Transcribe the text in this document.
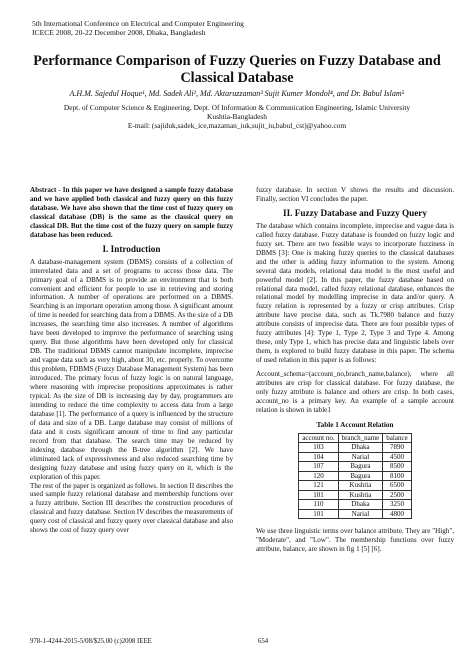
5th International Conference on Electrical and Computer Engineering
ICECE 2008, 20-22 December 2008, Dhaka, Bangladesh
Performance Comparison of Fuzzy Queries on Fuzzy Database and Classical Database
A.H.M. Sajedul Hoque¹, Md. Sadek Ali², Md. Aktaruzzaman³ Sujit Kumer Mondol⁴, and Dr. Babul Islam⁵
Dept. of Computer Science & Engineering, Dept. Of Information & Communication Engineering, Islamic University
Kushtia-Bangladesh
E-mail: (sajiduk,sadek_ice,mazaman_iuk,sujit_iu,babul_cst)@yahoo.com

Abstract - In this paper we have designed a sample fuzzy database and we have applied both classical and fuzzy query on this fuzzy database. We have also shown that the time cost of fuzzy query on classical database (DB) is the same as the classical query on classical DB. But the time cost of the fuzzy query on sample fuzzy database has been reduced.

I. Introduction

A database-management system (DBMS) consists of a collection of interrelated data and a set of programs to access those data. The primary goal of a DBMS is to provide an environment that is both convenient and efficient for people to use in retrieving and storing information. A number of operations are performed on a DBMS. Searching is an important operation among those. A significant amount of time is needed for searching data from a DBMS. As the size of a DB increases, the searching time also increases. A number of algorithms have been developed to improve the performance of searching using query. But those algorithms have been developed only for classical DB. The traditional DBMS cannot manipulate incomplete, imprecise and vague data such as very high, about 30, etc. properly. To overcome this problem, FDBMS (Fuzzy Database Management System) has been introduced. The primary focus of fuzzy logic is on natural language, where reasoning with imprecise propositions approximates is rather typical. As the size of DB is increasing day by day, programmers are intending to reduce the time complexity to access data from a large database [1]. The performance of a query is influenced by the structure of data and size of a DB. Large database may consist of millions of data and it costs significant amount of time to find any particular record from that database. The search time may be reduced by indexing database through the B-tree algorithm [2]. We have eliminated lack of expressiveness and also reduced searching time by designing fuzzy database and using fuzzy query on it, which is the exploration of this paper.

The rest of the paper is organized as follows. In section II describes the used sample fuzzy relational database and membership functions over a fuzzy attribute. Section III describes the construction procedures of classical and fuzzy database. Section IV describes the measurements of query cost of classical and fuzzy query over classical database and also shows the cost of fuzzy query over

fuzzy database. In section V shows the results and discussion. Finally, section VI concludes the paper.

II. Fuzzy Database and Fuzzy Query

The database which contains incomplete, imprecise and vague data is called fuzzy database. Fuzzy database is founded on fuzzy logic and fuzzy set. There are two feasible ways to incorporate fuzziness in DBMS [3]: One is making fuzzy queries to the classical databases and the other is adding fuzzy information to the system. Among several data models, relational data model is the most useful and powerful model [2]. In this paper, the fuzzy database based on relational data model, called fuzzy relational database, enhances the relational model by modelling imprecise in data and/or query. A fuzzy relation is represented by a fuzzy or crisp attributes. Crisp attribute have precise data, such as Tk.7980 balance and fuzzy attribute consists of imprecise data. There are four possible types of fuzzy attributes [4]: Type 1, Type 2, Type 3 and Type 4. Among these, only Type 1, which has precise data and linguistic labels over them, is explored to build fuzzy database in this paper. The schema of used relation in this paper is as follows:

Account_schema=(account_no,branch_name,balance), where all attributes are crisp for classical database. For fuzzy database, the only fuzzy attribute is balance and others are crisp. In both cases, account_no is a primary key. An example of a sample account relation is shown in table1

Table 1 Account Relation
account no.	branch_name	balance
103	Dhaka	7890
104	Narial	4500
107	Bagura	8500
120	Bagura	8100
121	Kushtia	6500
101	Kushtia	2500
110	Dhaka	3250
101	Narial	4800

We use three linguistic terms over balance attribute. They are "High", "Moderate", and "Low". The membership functions over fuzzy attribute, balance, are shown in fig 1 [5] [6].

978-1-4244-2015-5/08/$25.00 (c)2008 IEEE	654
